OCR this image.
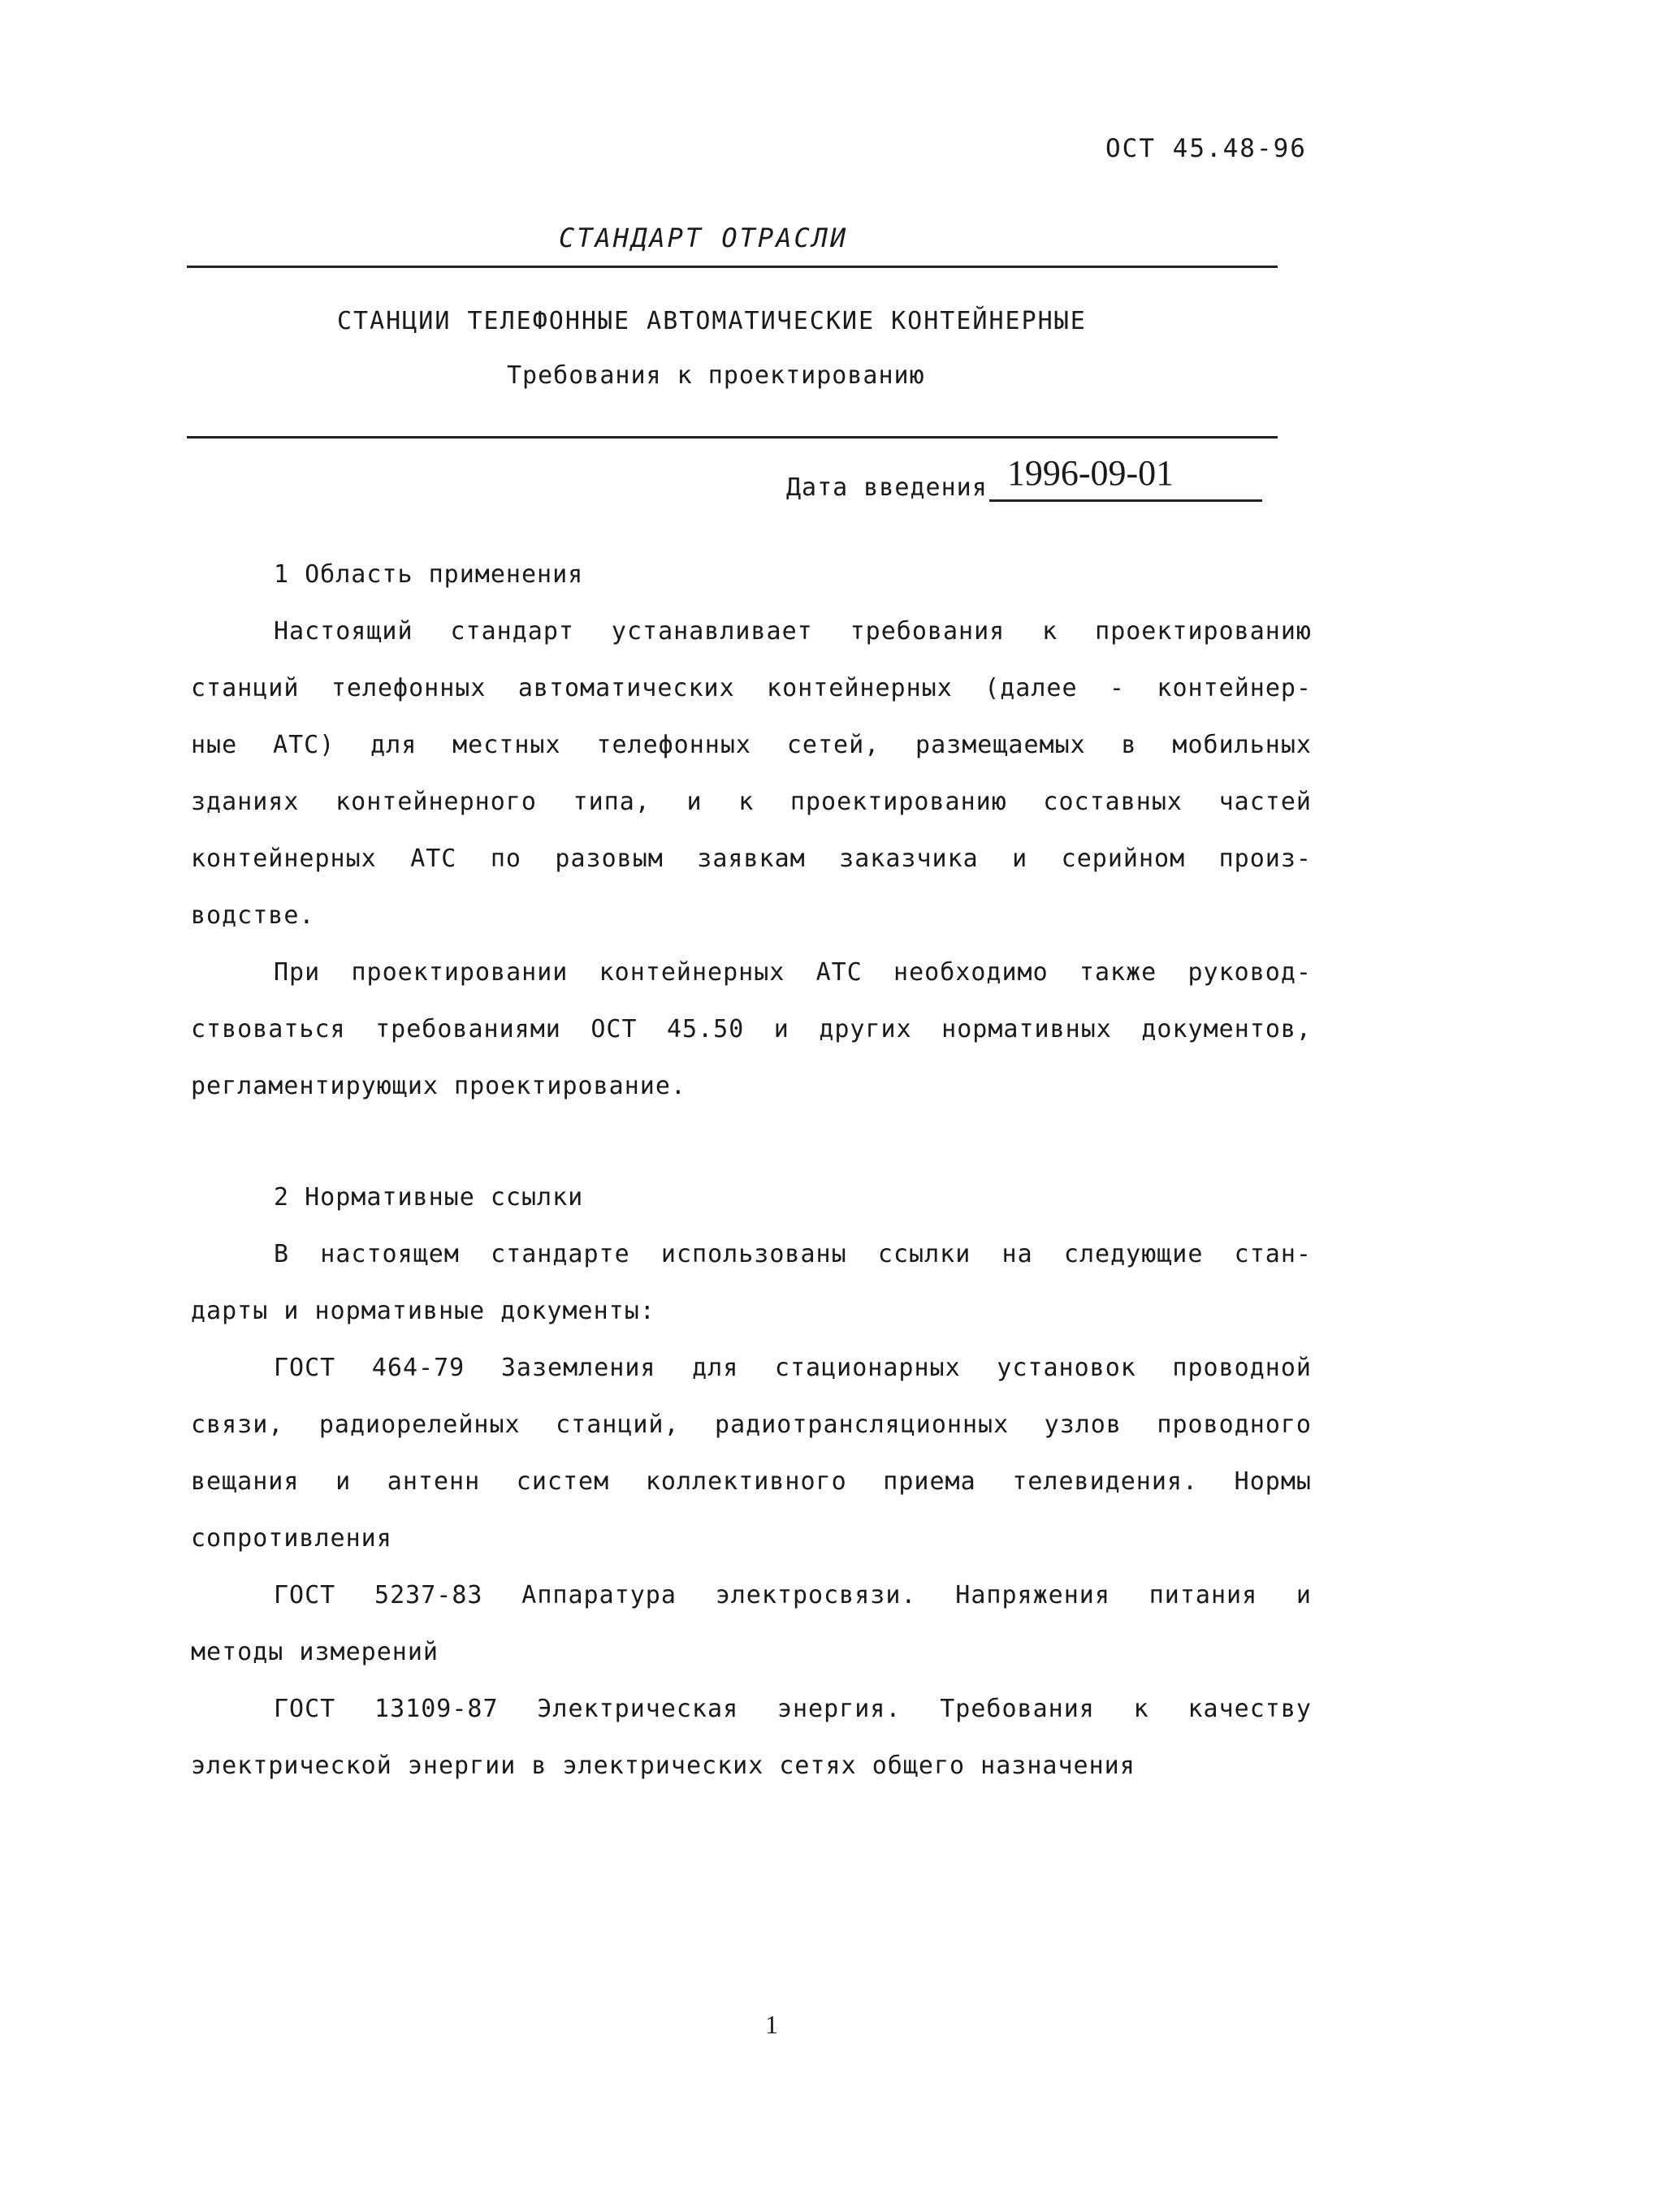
ОСТ 45.48-96
СТАНДАРТ ОТРАСЛИ
СТАНЦИИ ТЕЛЕФОННЫЕ АВТОМАТИЧЕСКИЕ КОНТЕЙНЕРНЫЕ
Требования к проектированию
Дата введения 1996-09-01
1 Область применения
Настоящий стандарт устанавливает требования к проектированию
станций телефонных автоматических контейнерных (далее - контейнер-
ные АТС) для местных телефонных сетей, размещаемых в мобильных
зданиях контейнерного типа, и к проектированию составных частей
контейнерных АТС по разовым заявкам заказчика и серийном произ-
водстве.
При проектировании контейнерных АТС необходимо также руковод-
ствоваться требованиями ОСТ 45.50 и других нормативных документов,
регламентирующих проектирование.
2 Нормативные ссылки
В настоящем стандарте использованы ссылки на следующие стан-
дарты и нормативные документы:
ГОСТ 464-79 Заземления для стационарных установок проводной
связи, радиорелейных станций, радиотрансляционных узлов проводного
вещания и антенн систем коллективного приема телевидения. Нормы
сопротивления
ГОСТ 5237-83 Аппаратура электросвязи. Напряжения питания и
методы измерений
ГОСТ 13109-87 Электрическая энергия. Требования к качеству
электрической энергии в электрических сетях общего назначения
1
